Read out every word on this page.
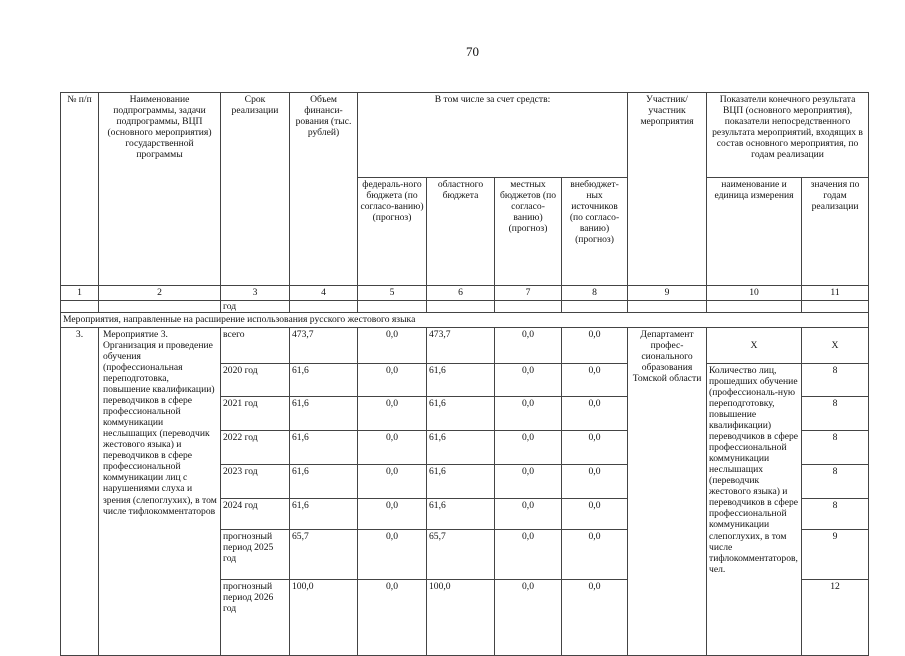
70
№ п/п	Наименование подпрограммы, задачи подпрограммы, ВЦП (основного мероприятия) государственной программы	Срок реализации	Объем финанси-рования (тыс. рублей)	В том числе за счет средств:				Участник/ участник мероприятия	Показатели конечного результата ВЦП (основного мероприятия), показатели непосредственного результата мероприятий, входящих в состав основного мероприятия, по годам реализации	
				федераль-ного бюджета (по согласо-ванию) (прогноз)	областного бюджета	местных бюджетов (по согласо-ванию) (прогноз)	внебюджет-ных источников (по согласо-ванию) (прогноз)		наименование и единица измерения	значения по годам реализации
1	2	3	4	5	6	7	8	9	10	11
		год								
Мероприятия, направленные на расширение использования русского жестового языка										
3.	Мероприятие 3. Организация и проведение обучения (профессиональная переподготовка, повышение квалификации) переводчиков в сфере профессиональной коммуникации неслышащих (переводчик жестового языка) и переводчиков в сфере профессиональной коммуникации лиц с нарушениями слуха и зрения (слепоглухих), в том числе тифлокомментаторов	всего	473,7	0,0	473,7	0,0	0,0	Департамент профес-сионального образования Томской области	Х	Х
		2020 год	61,6	0,0	61,6	0,0	0,0		Количество лиц, прошедших обучение (профессиональ-ную переподготовку, повышение квалификации) переводчиков в сфере профессиональной коммуникации неслышащих (переводчик жестового языка) и переводчиков в сфере профессиональной коммуникации слепоглухих, в том числе тифлокомментаторов, чел.	8
		2021 год	61,6	0,0	61,6	0,0	0,0			8
		2022 год	61,6	0,0	61,6	0,0	0,0			8
		2023 год	61,6	0,0	61,6	0,0	0,0			8
		2024 год	61,6	0,0	61,6	0,0	0,0			8
		прогнозный период 2025 год	65,7	0,0	65,7	0,0	0,0			9
		прогнозный период 2026 год	100,0	0,0	100,0	0,0	0,0			12
